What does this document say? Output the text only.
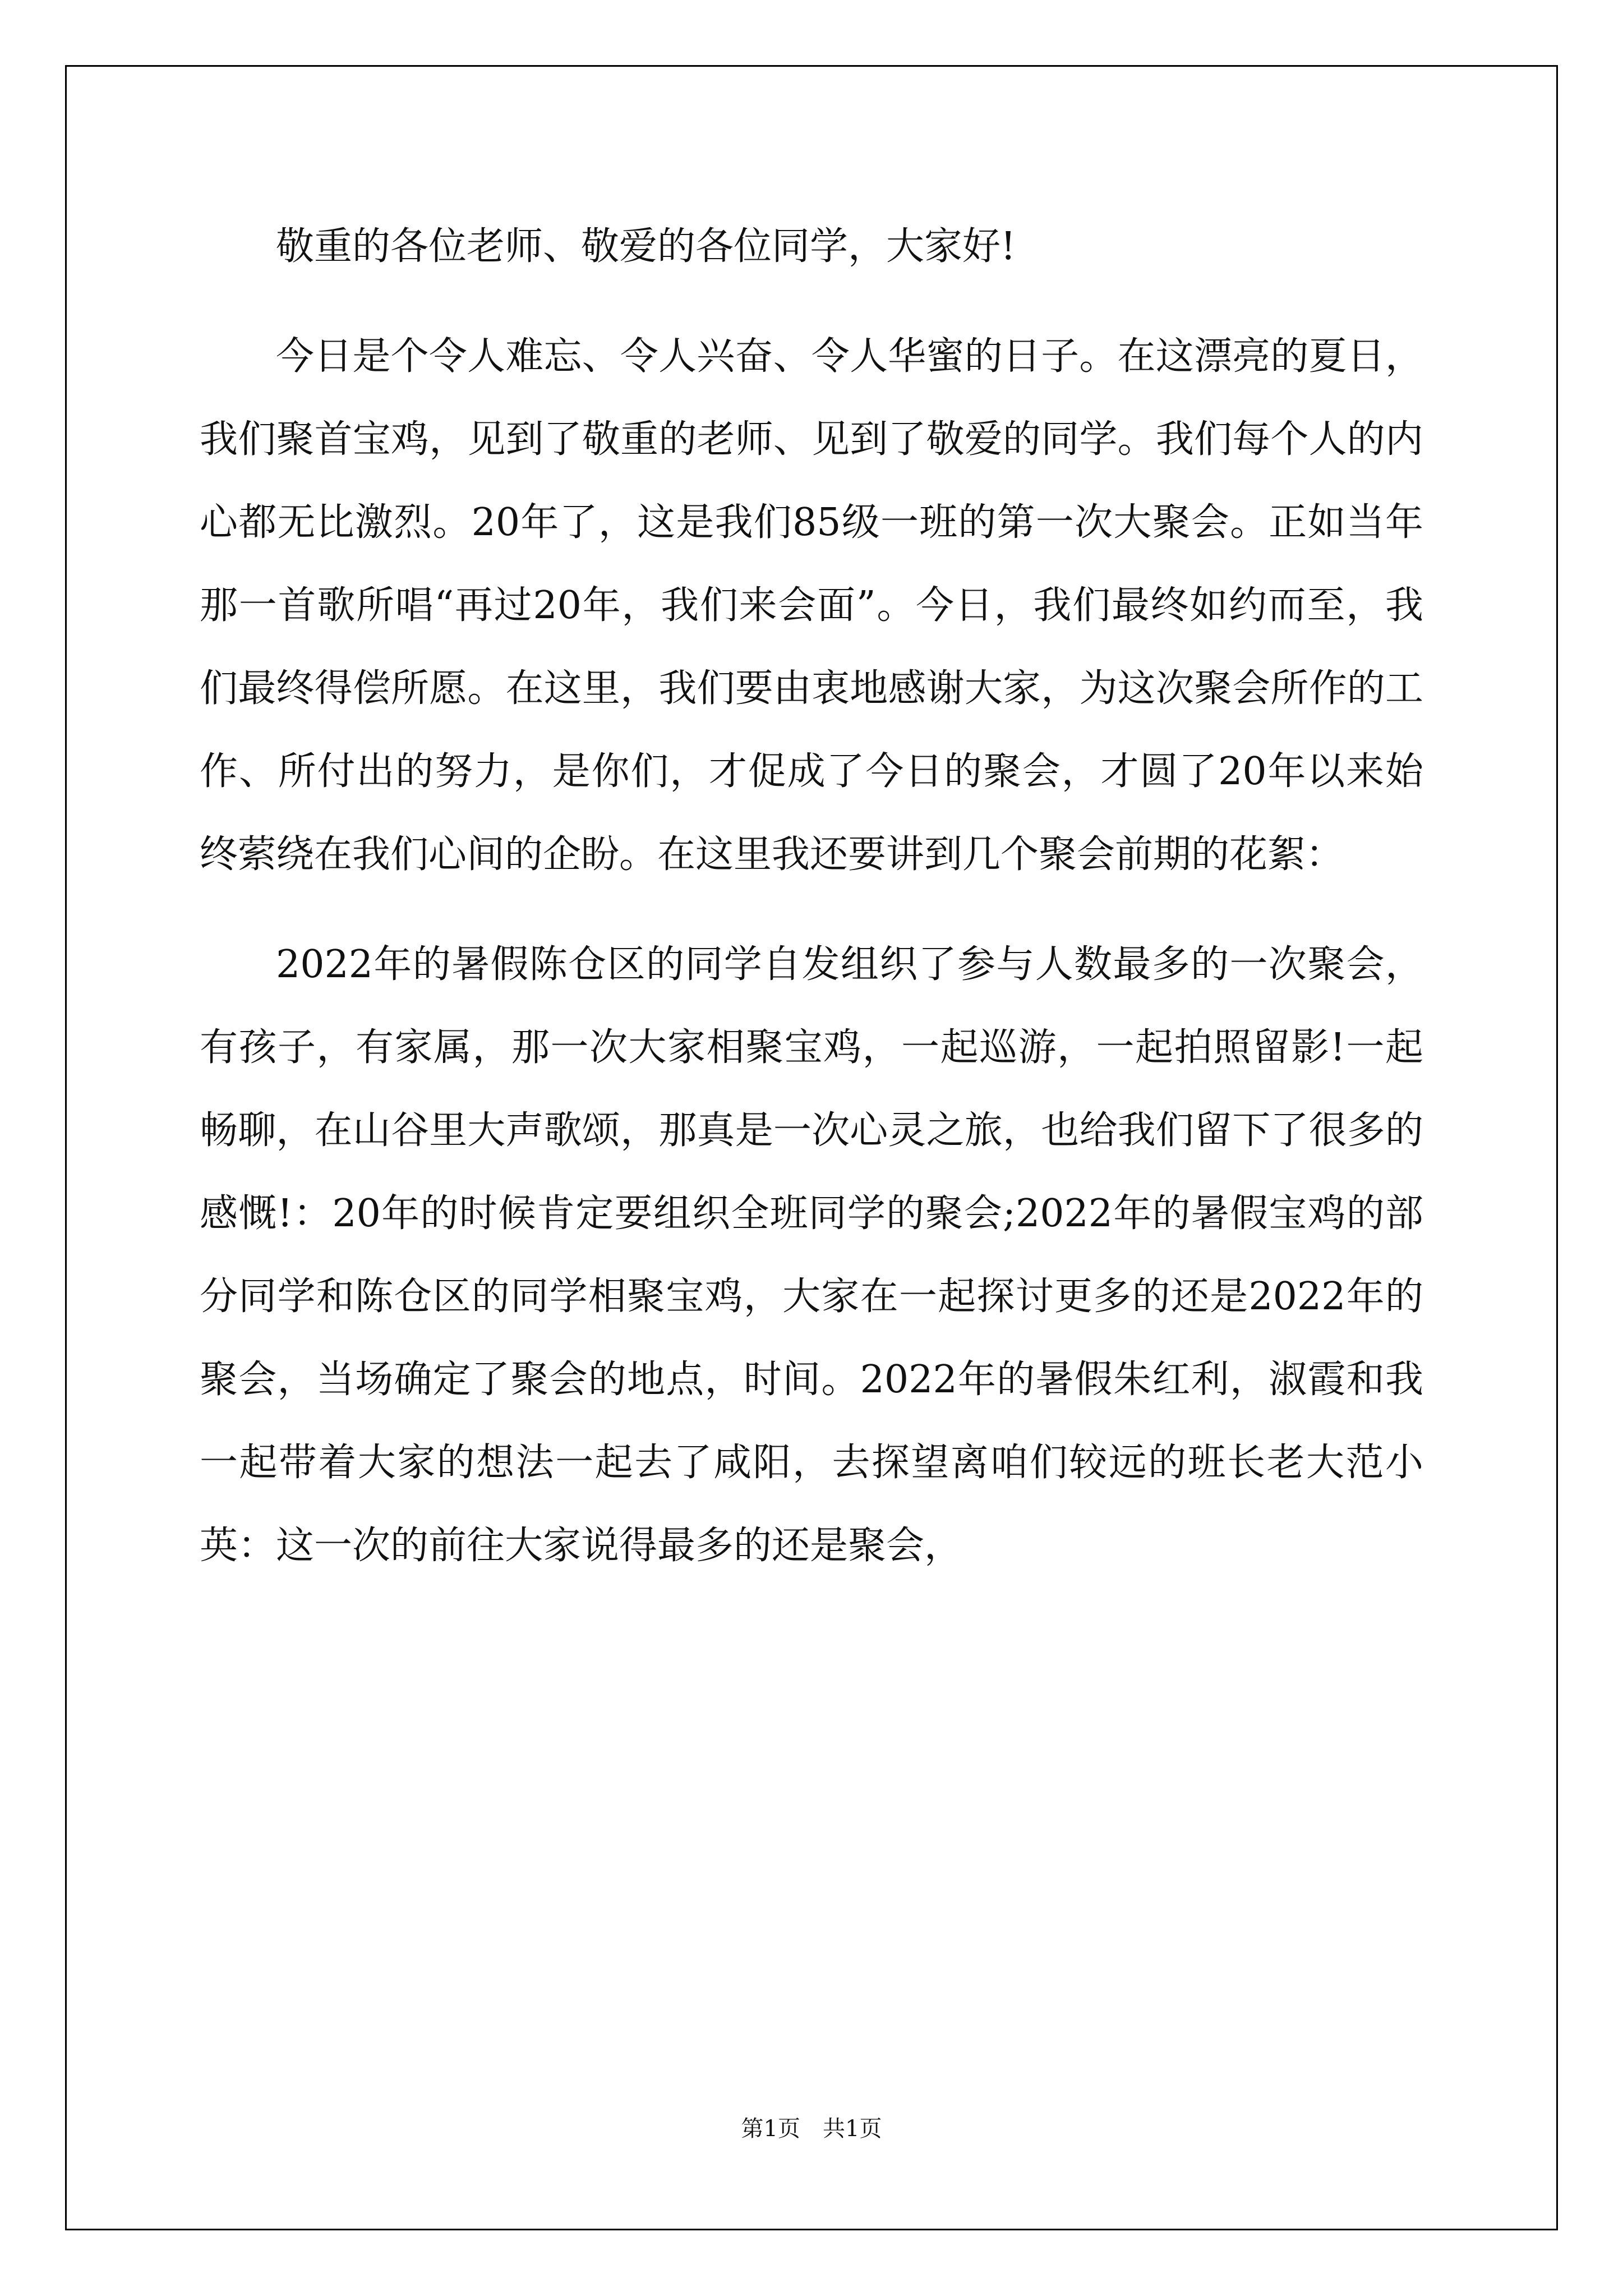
敬重的各位老师、敬爱的各位同学，大家好!

今日是个令人难忘、令人兴奋、令人华蜜的日子。在这漂亮的夏日，我们聚首宝鸡，见到了敬重的老师、见到了敬爱的同学。我们每个人的内心都无比激烈。20年了，这是我们85级一班的第一次大聚会。正如当年那一首歌所唱“再过20年，我们来会面”。今日，我们最终如约而至，我们最终得偿所愿。在这里，我们要由衷地感谢大家，为这次聚会所作的工作、所付出的努力，是你们，才促成了今日的聚会，才圆了20年以来始终萦绕在我们心间的企盼。在这里我还要讲到几个聚会前期的花絮：

2022年的暑假陈仓区的同学自发组织了参与人数最多的一次聚会，有孩子，有家属，那一次大家相聚宝鸡，一起巡游，一起拍照留影!一起畅聊，在山谷里大声歌颂，那真是一次心灵之旅，也给我们留下了很多的感慨!：20年的时候肯定要组织全班同学的聚会;2022年的暑假宝鸡的部分同学和陈仓区的同学相聚宝鸡，大家在一起探讨更多的还是2022年的聚会，当场确定了聚会的地点，时间。2022年的暑假朱红利，淑霞和我一起带着大家的想法一起去了咸阳，去探望离咱们较远的班长老大范小英：这一次的前往大家说得最多的还是聚会，

第1页 共1页
